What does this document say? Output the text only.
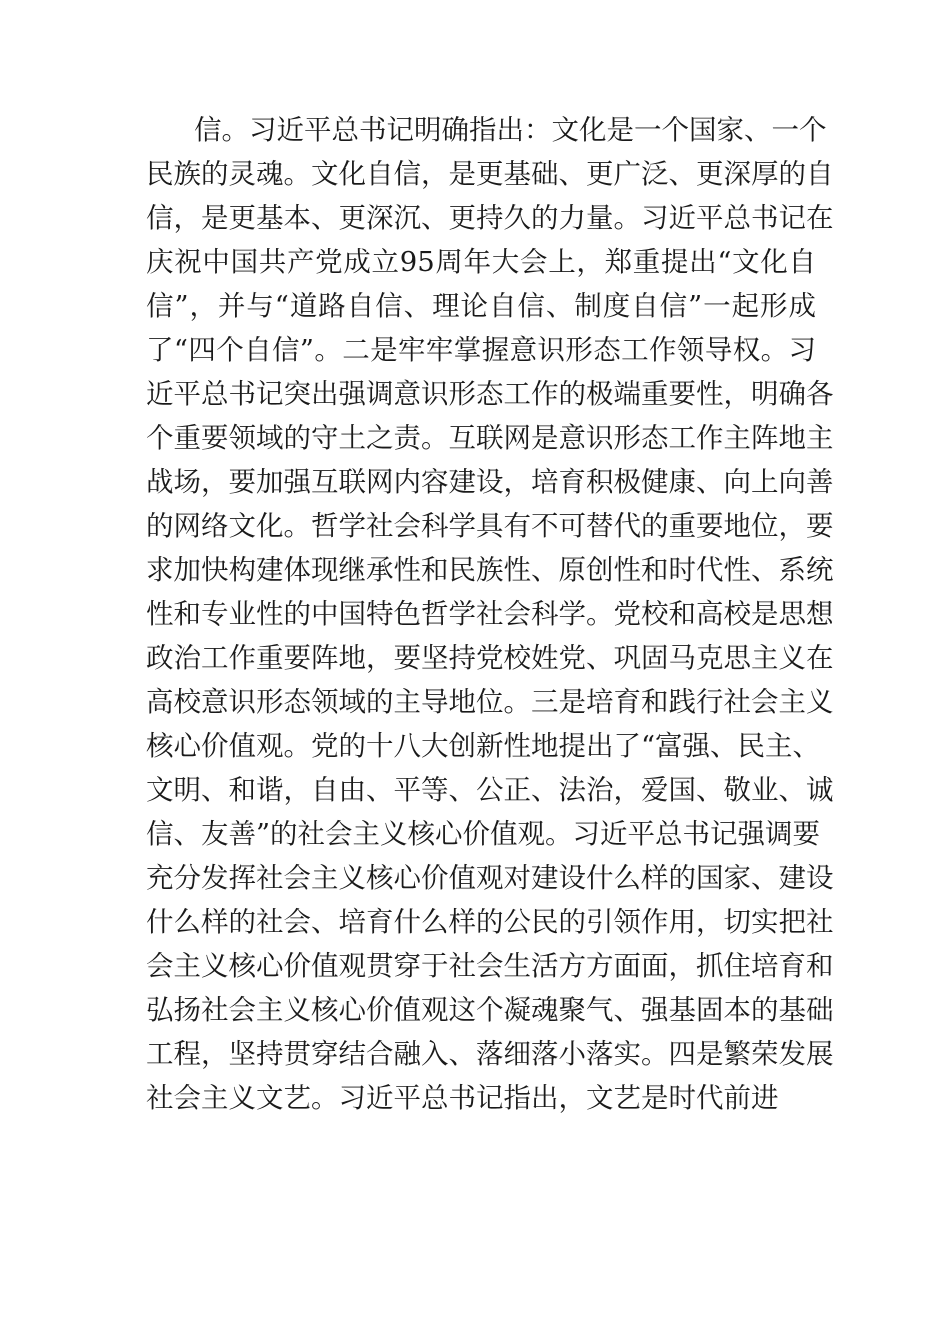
信。习近平总书记明确指出：文化是一个国家、一个
民族的灵魂。文化自信，是更基础、更广泛、更深厚的自
信，是更基本、更深沉、更持久的力量。习近平总书记在
庆祝中国共产党成立95周年大会上，郑重提出“文化自
信”，并与“道路自信、理论自信、制度自信”一起形成
了“四个自信”。二是牢牢掌握意识形态工作领导权。习
近平总书记突出强调意识形态工作的极端重要性，明确各
个重要领域的守土之责。互联网是意识形态工作主阵地主
战场，要加强互联网内容建设，培育积极健康、向上向善
的网络文化。哲学社会科学具有不可替代的重要地位，要
求加快构建体现继承性和民族性、原创性和时代性、系统
性和专业性的中国特色哲学社会科学。党校和高校是思想
政治工作重要阵地，要坚持党校姓党、巩固马克思主义在
高校意识形态领域的主导地位。三是培育和践行社会主义
核心价值观。党的十八大创新性地提出了“富强、民主、
文明、和谐，自由、平等、公正、法治，爱国、敬业、诚
信、友善”的社会主义核心价值观。习近平总书记强调要
充分发挥社会主义核心价值观对建设什么样的国家、建设
什么样的社会、培育什么样的公民的引领作用，切实把社
会主义核心价值观贯穿于社会生活方方面面，抓住培育和
弘扬社会主义核心价值观这个凝魂聚气、强基固本的基础
工程，坚持贯穿结合融入、落细落小落实。四是繁荣发展
社会主义文艺。习近平总书记指出，文艺是时代前进
